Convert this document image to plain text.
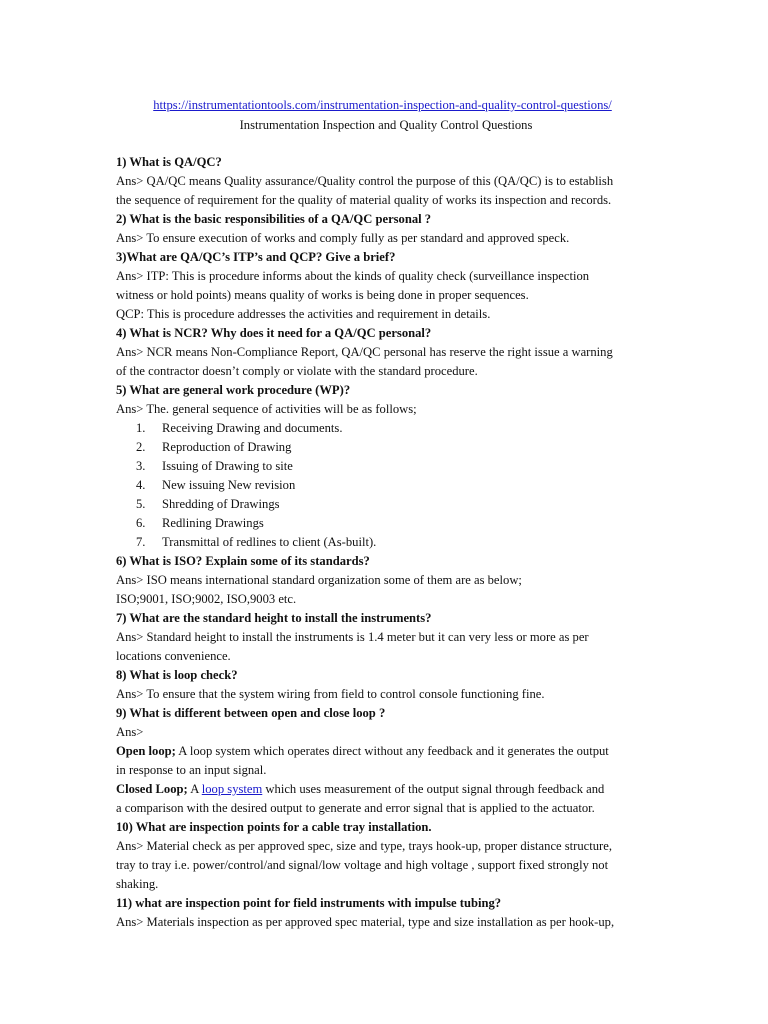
https://instrumentationtools.com/instrumentation-inspection-and-quality-control-questions/
Instrumentation Inspection and Quality Control Questions
1) What is QA/QC?
Ans> QA/QC means Quality assurance/Quality control the purpose of this (QA/QC) is to establish
the sequence of requirement for the quality of material quality of works its inspection and records.
2) What is the basic responsibilities of a QA/QC personal ?
Ans> To ensure execution of works and comply fully as per standard and approved speck.
3)What are QA/QC’s ITP’s and QCP? Give a brief?
Ans> ITP: This is procedure informs about the kinds of quality check (surveillance inspection
witness or hold points) means quality of works is being done in proper sequences.
QCP: This is procedure addresses the activities and requirement in details.
4) What is NCR? Why does it need for a QA/QC personal?
Ans> NCR means Non-Compliance Report, QA/QC personal has reserve the right issue a warning
of the contractor doesn’t comply or violate with the standard procedure.
5) What are general work procedure (WP)?
Ans> The. general sequence of activities will be as follows;
1. Receiving Drawing and documents.
2. Reproduction of Drawing
3. Issuing of Drawing to site
4. New issuing New revision
5. Shredding of Drawings
6. Redlining Drawings
7. Transmittal of redlines to client (As-built).
6) What is ISO? Explain some of its standards?
Ans> ISO means international standard organization some of them are as below;
ISO;9001, ISO;9002, ISO,9003 etc.
7) What are the standard height to install the instruments?
Ans> Standard height to install the instruments is 1.4 meter but it can very less or more as per
locations convenience.
8) What is loop check?
Ans> To ensure that the system wiring from field to control console functioning fine.
9) What is different between open and close loop ?
Ans>
Open loop; A loop system which operates direct without any feedback and it generates the output
in response to an input signal.
Closed Loop; A loop system which uses measurement of the output signal through feedback and
a comparison with the desired output to generate and error signal that is applied to the actuator.
10) What are inspection points for a cable tray installation.
Ans> Material check as per approved spec, size and type, trays hook-up, proper distance structure,
tray to tray i.e. power/control/and signal/low voltage and high voltage , support fixed strongly not
shaking.
11) what are inspection point for field instruments with impulse tubing?
Ans> Materials inspection as per approved spec material, type and size installation as per hook-up,
